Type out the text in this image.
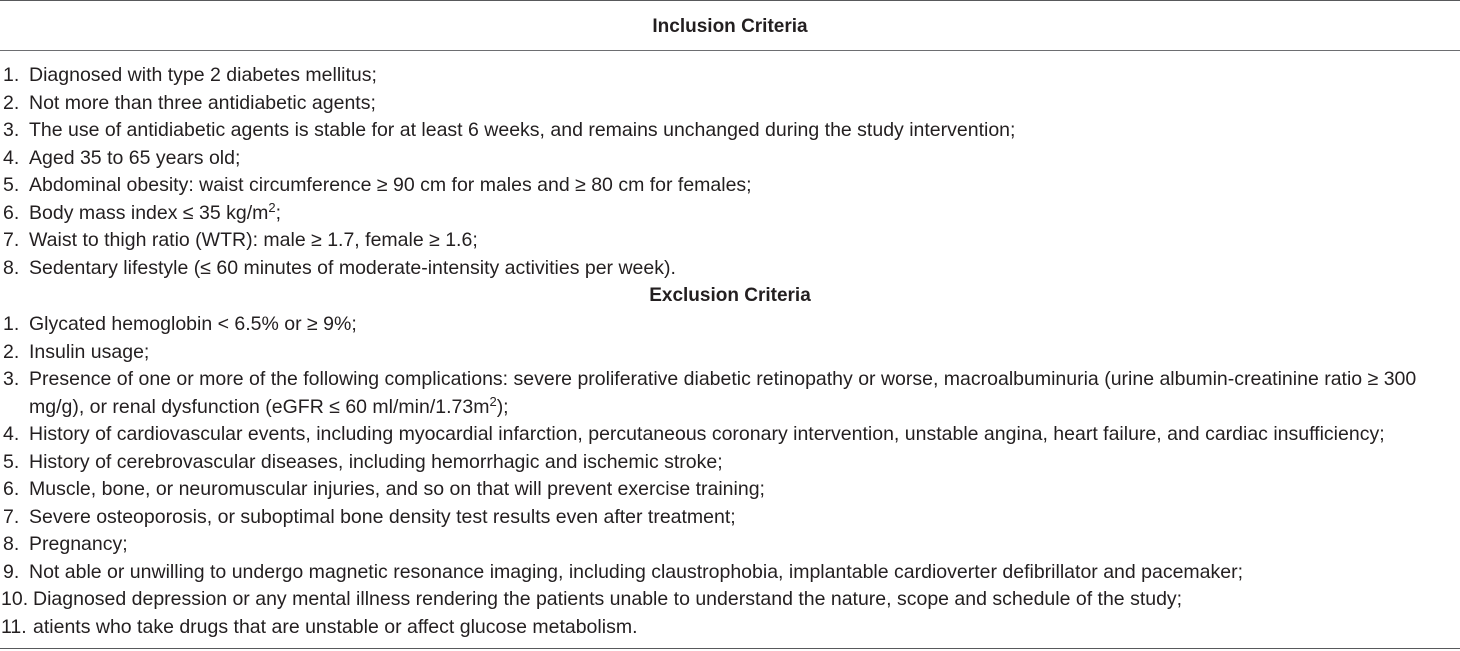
Inclusion Criteria
1. Diagnosed with type 2 diabetes mellitus;
2. Not more than three antidiabetic agents;
3. The use of antidiabetic agents is stable for at least 6 weeks, and remains unchanged during the study intervention;
4. Aged 35 to 65 years old;
5. Abdominal obesity: waist circumference ≥ 90 cm for males and ≥ 80 cm for females;
6. Body mass index ≤ 35 $kg/m^2$;
7. Waist to thigh ratio (WTR): male ≥ 1.7, female ≥ 1.6;
8. Sedentary lifestyle (≤ 60 minutes of moderate-intensity activities per week).
Exclusion Criteria
1. Glycated hemoglobin < 6.5% or ≥ 9%;
2. Insulin usage;
3. Presence of one or more of the following complications: severe proliferative diabetic retinopathy or worse, macroalbuminuria (urine albumin-creatinine ratio ≥ 300 mg/g), or renal dysfunction (eGFR ≤ 60 $ml/\min/1.73m^2$);
4. History of cardiovascular events, including myocardial infarction, percutaneous coronary intervention, unstable angina, heart failure, and cardiac insufficiency;
5. History of cerebrovascular diseases, including hemorrhagic and ischemic stroke;
6. Muscle, bone, or neuromuscular injuries, and so on that will prevent exercise training;
7. Severe osteoporosis, or suboptimal bone density test results even after treatment;
8. Pregnancy;
9. Not able or unwilling to undergo magnetic resonance imaging, including claustrophobia, implantable cardioverter defibrillator and pacemaker;
10. Diagnosed depression or any mental illness rendering the patients unable to understand the nature, scope and schedule of the study;
11. atients who take drugs that are unstable or affect glucose metabolism.
